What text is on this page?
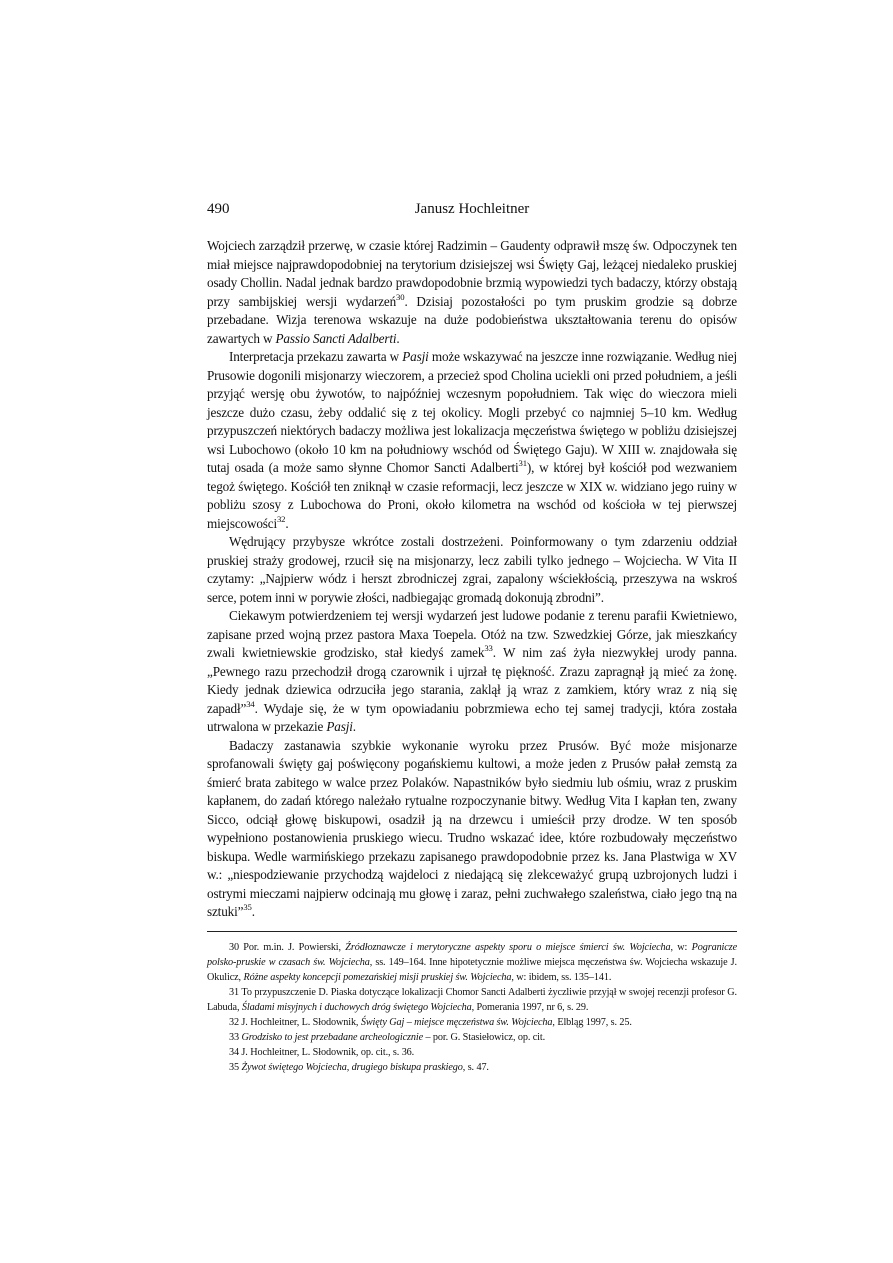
490	Janusz Hochleitner

Wojciech zarządził przerwę, w czasie której Radzimin – Gaudenty odprawił mszę św. Odpoczynek ten miał miejsce najprawdopodobniej na terytorium dzisiejszej wsi Święty Gaj, leżącej niedaleko pruskiej osady Chollin. Nadal jednak bardzo prawdopodobnie brzmią wypowiedzi tych badaczy, którzy obstają przy sambijskiej wersji wydarzeń$^{30}$. Dzisiaj pozostałości po tym pruskim grodzie są dobrze przebadane. Wizja terenowa wskazuje na duże podobieństwa ukształtowania terenu do opisów zawartych w Passio Sancti Adalberti.

Interpretacja przekazu zawarta w Pasji może wskazywać na jeszcze inne rozwiązanie. Według niej Prusowie dogonili misjonarzy wieczorem, a przecież spod Cholina uciekli oni przed południem, a jeśli przyjąć wersję obu żywotów, to najpóźniej wczesnym popołudniem. Tak więc do wieczora mieli jeszcze dużo czasu, żeby oddalić się z tej okolicy. Mogli przebyć co najmniej 5–10 km. Według przypuszczeń niektórych badaczy możliwa jest lokalizacja męczeństwa świętego w pobliżu dzisiejszej wsi Lubochowo (około 10 km na południowy wschód od Świętego Gaju). W XIII w. znajdowała się tutaj osada (a może samo słynne Chomor Sancti Adalberti$^{31}$), w której był kościół pod wezwaniem tegoż świętego. Kościół ten zniknął w czasie reformacji, lecz jeszcze w XIX w. widziano jego ruiny w pobliżu szosy z Lubochowa do Proni, około kilometra na wschód od kościoła w tej pierwszej miejscowości$^{32}$.

Wędrujący przybysze wkrótce zostali dostrzeżeni. Poinformowany o tym zdarzeniu oddział pruskiej straży grodowej, rzucił się na misjonarzy, lecz zabili tylko jednego – Wojciecha. W Vita II czytamy: „Najpierw wódz i herszt zbrodniczej zgrai, zapalony wściekłością, przeszywa na wskroś serce, potem inni w porywie złości, nadbiegając gromadą dokonują zbrodni”.

Ciekawym potwierdzeniem tej wersji wydarzeń jest ludowe podanie z terenu parafii Kwietniewo, zapisane przed wojną przez pastora Maxa Toepela. Otóż na tzw. Szwedzkiej Górze, jak mieszkańcy zwali kwietniewskie grodzisko, stał kiedyś zamek$^{33}$. W nim zaś żyła niezwykłej urody panna. „Pewnego razu przechodził drogą czarownik i ujrzał tę piękność. Zrazu zapragnął ją mieć za żonę. Kiedy jednak dziewica odrzuciła jego starania, zaklął ją wraz z zamkiem, który wraz z nią się zapadł”$^{34}$. Wydaje się, że w tym opowiadaniu pobrzmiewa echo tej samej tradycji, która została utrwalona w przekazie Pasji.

Badaczy zastanawia szybkie wykonanie wyroku przez Prusów. Być może misjonarze sprofanowali święty gaj poświęcony pogańskiemu kultowi, a może jeden z Prusów pałał zemstą za śmierć brata zabitego w walce przez Polaków. Napastników było siedmiu lub ośmiu, wraz z pruskim kapłanem, do zadań którego należało rytualne rozpoczynanie bitwy. Według Vita I kapłan ten, zwany Sicco, odciął głowę biskupowi, osadził ją na drzewcu i umieścił przy drodze. W ten sposób wypełniono postanowienia pruskiego wiecu. Trudno wskazać idee, które rozbudowały męczeństwo biskupa. Wedle warmińskiego przekazu zapisanego prawdopodobnie przez ks. Jana Plastwiga w XV w.: „niespodziewanie przychodzą wajdeloci z niedającą się zlekceważyć grupą uzbrojonych ludzi i ostrymi mieczami najpierw odcinają mu głowę i zaraz, pełni zuchwałego szaleństwa, ciało jego tną na sztuki”$^{35}$.

30 Por. m.in. J. Powierski, Źródłoznawcze i merytoryczne aspekty sporu o miejsce śmierci św. Wojciecha, w: Pogranicze polsko-pruskie w czasach św. Wojciecha, ss. 149–164. Inne hipotetycznie możliwe miejsca męczeństwa św. Wojciecha wskazuje J. Okulicz, Różne aspekty koncepcji pomezańskiej misji pruskiej św. Wojciecha, w: ibidem, ss. 135–141.

31 To przypuszczenie D. Piaska dotyczące lokalizacji Chomor Sancti Adalberti życzliwie przyjął w swojej recenzji profesor G. Labuda, Śladami misyjnych i duchowych dróg świętego Wojciecha, Pomerania 1997, nr 6, s. 29.

32 J. Hochleitner, L. Słodownik, Święty Gaj – miejsce męczeństwa św. Wojciecha, Elbląg 1997, s. 25.

33 Grodzisko to jest przebadane archeologicznie – por. G. Stasiełowicz, op. cit.

34 J. Hochleitner, L. Słodownik, op. cit., s. 36.

35 Żywot świętego Wojciecha, drugiego biskupa praskiego, s. 47.
